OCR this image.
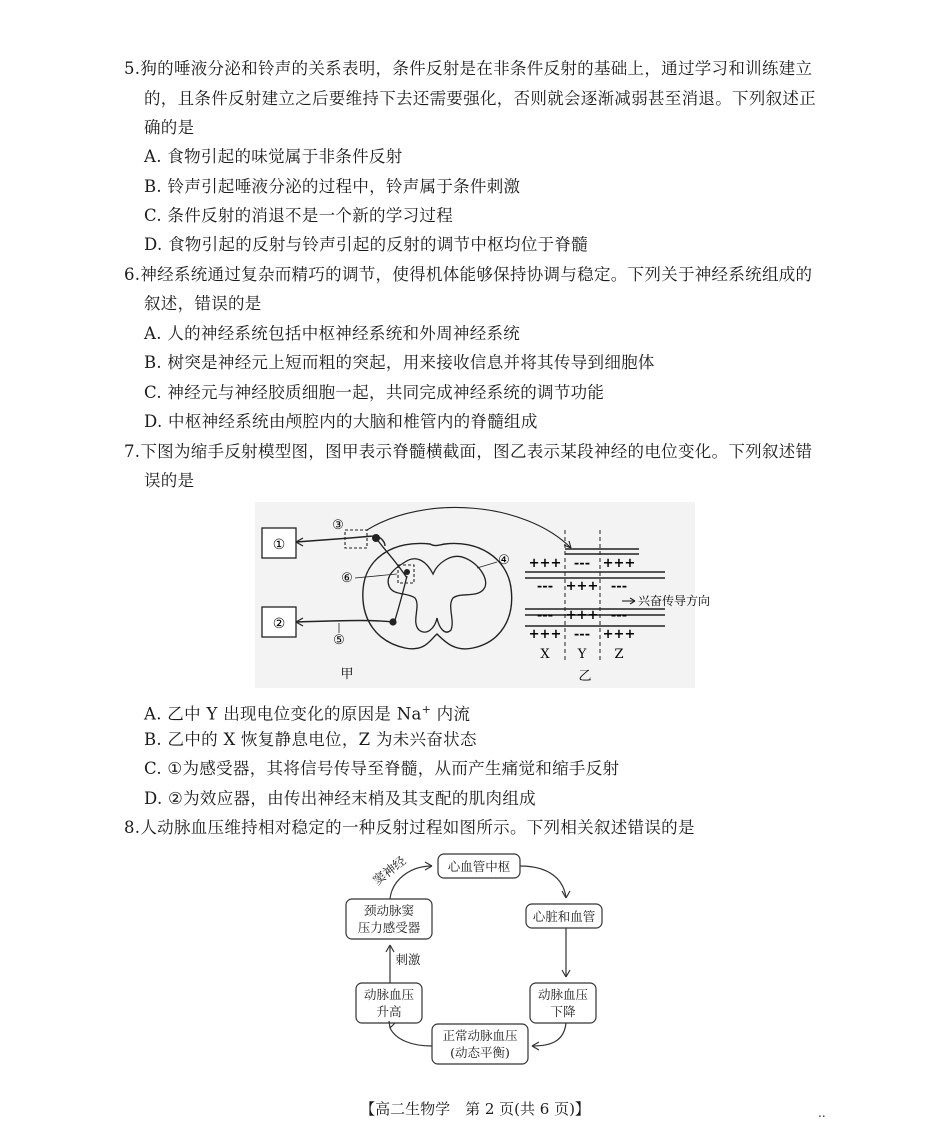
5.狗的唾液分泌和铃声的关系表明，条件反射是在非条件反射的基础上，通过学习和训练建立
的，且条件反射建立之后要维持下去还需要强化，否则就会逐渐减弱甚至消退。下列叙述正
确的是
A. 食物引起的味觉属于非条件反射
B. 铃声引起唾液分泌的过程中，铃声属于条件刺激
C. 条件反射的消退不是一个新的学习过程
D. 食物引起的反射与铃声引起的反射的调节中枢均位于脊髓
6.神经系统通过复杂而精巧的调节，使得机体能够保持协调与稳定。下列关于神经系统组成的
叙述，错误的是
A. 人的神经系统包括中枢神经系统和外周神经系统
B. 树突是神经元上短而粗的突起，用来接收信息并将其传导到细胞体
C. 神经元与神经胶质细胞一起，共同完成神经系统的调节功能
D. 中枢神经系统由颅腔内的大脑和椎管内的脊髓组成
7.下图为缩手反射模型图，图甲表示脊髓横截面，图乙表示某段神经的电位变化。下列叙述错
误的是
①
②
③
⑥
⑤
④
甲
+++ --- +++
--- +++ ---
--- +++ ---
+++ --- +++
兴奋传导方向
X Y Z
乙
A. 乙中 Y 出现电位变化的原因是 Na+ 内流
B. 乙中的 X 恢复静息电位，Z 为未兴奋状态
C. ①为感受器，其将信号传导至脊髓，从而产生痛觉和缩手反射
D. ②为效应器，由传出神经末梢及其支配的肌肉组成
8.人动脉血压维持相对稳定的一种反射过程如图所示。下列相关叙述错误的是
心血管中枢
心脏和血管
动脉血压
下降
正常动脉血压
(动态平衡)
动脉血压
升高
颈动脉窦
压力感受器
刺激
窦神经
【高二生物学　第 2 页(共 6 页)】	..
